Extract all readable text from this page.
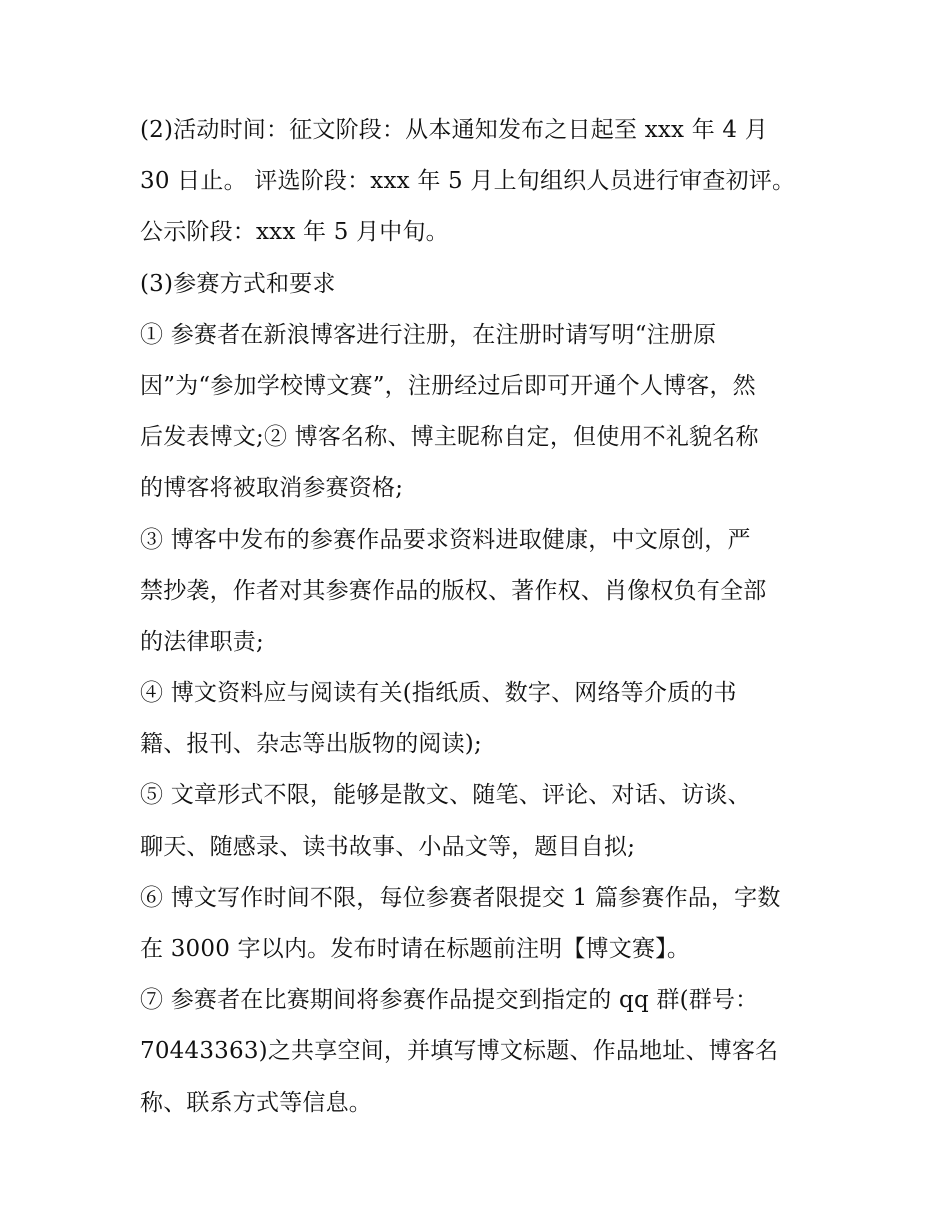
(2)活动时间：征文阶段：从本通知发布之日起至 xxx 年 4 月
30 日止。 评选阶段：xxx 年 5 月上旬组织人员进行审查初评。
公示阶段：xxx 年 5 月中旬。
(3)参赛方式和要求
① 参赛者在新浪博客进行注册，在注册时请写明“注册原
因”为“参加学校博文赛”，注册经过后即可开通个人博客，然
后发表博文;② 博客名称、博主昵称自定，但使用不礼貌名称
的博客将被取消参赛资格;
③ 博客中发布的参赛作品要求资料进取健康，中文原创，严
禁抄袭，作者对其参赛作品的版权、著作权、肖像权负有全部
的法律职责;
④ 博文资料应与阅读有关(指纸质、数字、网络等介质的书
籍、报刊、杂志等出版物的阅读);
⑤ 文章形式不限，能够是散文、随笔、评论、对话、访谈、
聊天、随感录、读书故事、小品文等，题目自拟;
⑥ 博文写作时间不限，每位参赛者限提交 1 篇参赛作品，字数
在 3000 字以内。发布时请在标题前注明【博文赛】。
⑦ 参赛者在比赛期间将参赛作品提交到指定的 qq 群(群号：
70443363)之共享空间，并填写博文标题、作品地址、博客名
称、联系方式等信息。
